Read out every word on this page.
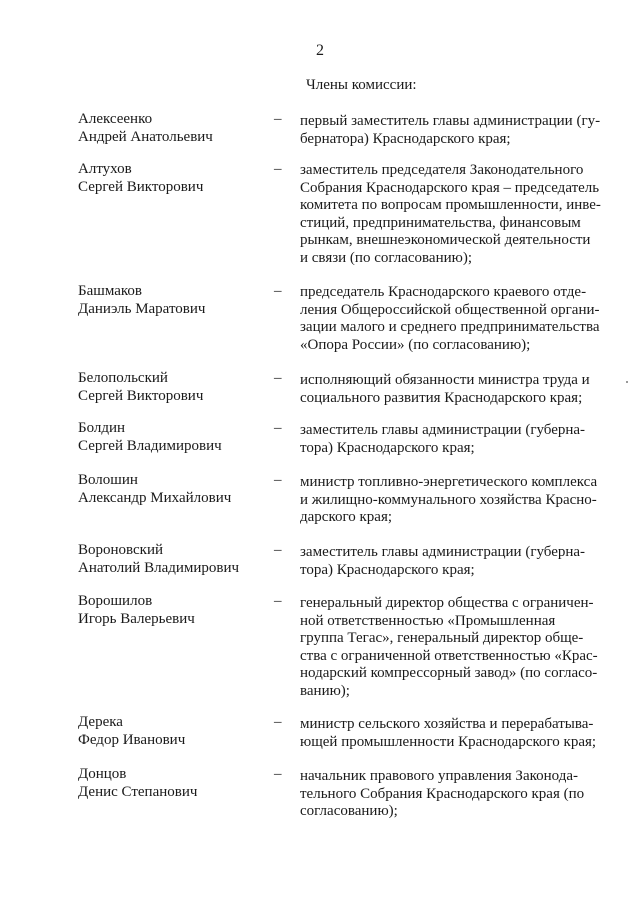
2
Члены комиссии:
Алексеенко
Андрей Анатольевич
– первый заместитель главы администрации (гу-
бернатора) Краснодарского края;
Алтухов
Сергей Викторович
– заместитель председателя Законодательного
Собрания Краснодарского края – председатель
комитета по вопросам промышленности, инве-
стиций, предпринимательства, финансовым
рынкам, внешнеэкономической деятельности
и связи (по согласованию);
Башмаков
Даниэль Маратович
– председатель Краснодарского краевого отде-
ления Общероссийской общественной органи-
зации малого и среднего предпринимательства
«Опора России» (по согласованию);
Белопольский
Сергей Викторович
– исполняющий обязанности министра труда и
социального развития Краснодарского края;
Болдин
Сергей Владимирович
– заместитель главы администрации (губерна-
тора) Краснодарского края;
Волошин
Александр Михайлович
– министр топливно-энергетического комплекса
и жилищно-коммунального хозяйства Красно-
дарского края;
Вороновский
Анатолий Владимирович
– заместитель главы администрации (губерна-
тора) Краснодарского края;
Ворошилов
Игорь Валерьевич
– генеральный директор общества с ограничен-
ной ответственностью «Промышленная
группа Тегас», генеральный директор обще-
ства с ограниченной ответственностью «Крас-
нодарский компрессорный завод» (по согласо-
ванию);
Дерека
Федор Иванович
– министр сельского хозяйства и перерабатыва-
ющей промышленности Краснодарского края;
Донцов
Денис Степанович
– начальник правового управления Законода-
тельного Собрания Краснодарского края (по
согласованию);
